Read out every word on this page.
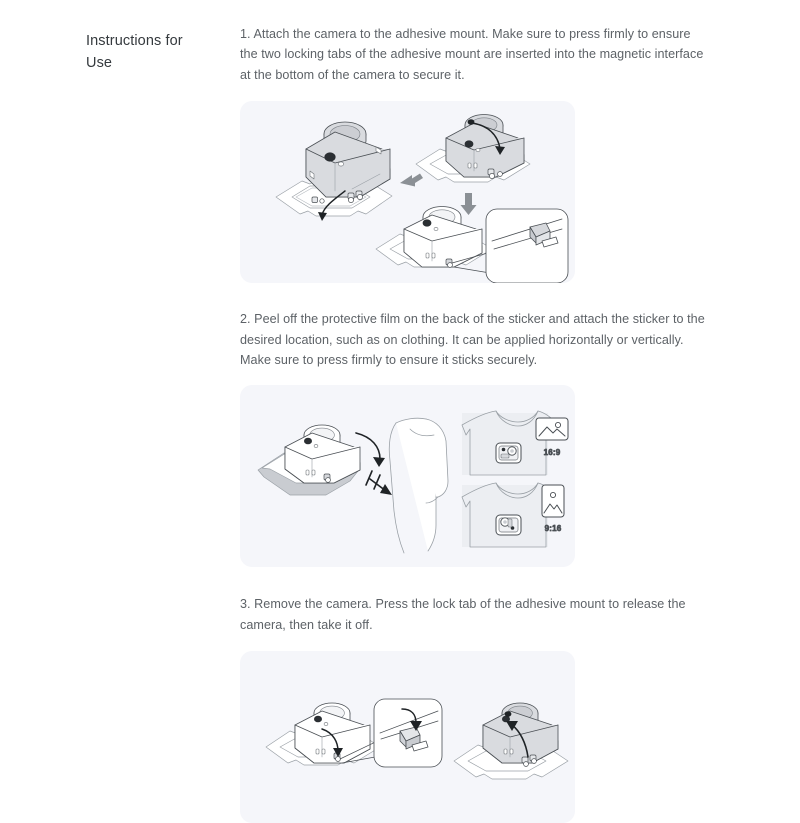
Instructions for
Use

1. Attach the camera to the adhesive mount. Make sure to press firmly to ensure the two locking tabs of the adhesive mount are inserted into the magnetic interface at the bottom of the camera to secure it.

2. Peel off the protective film on the back of the sticker and attach the sticker to the desired location, such as on clothing. It can be applied horizontally or vertically. Make sure to press firmly to ensure it sticks securely.

16:9
9:16

3. Remove the camera. Press the lock tab of the adhesive mount to release the camera, then take it off.
